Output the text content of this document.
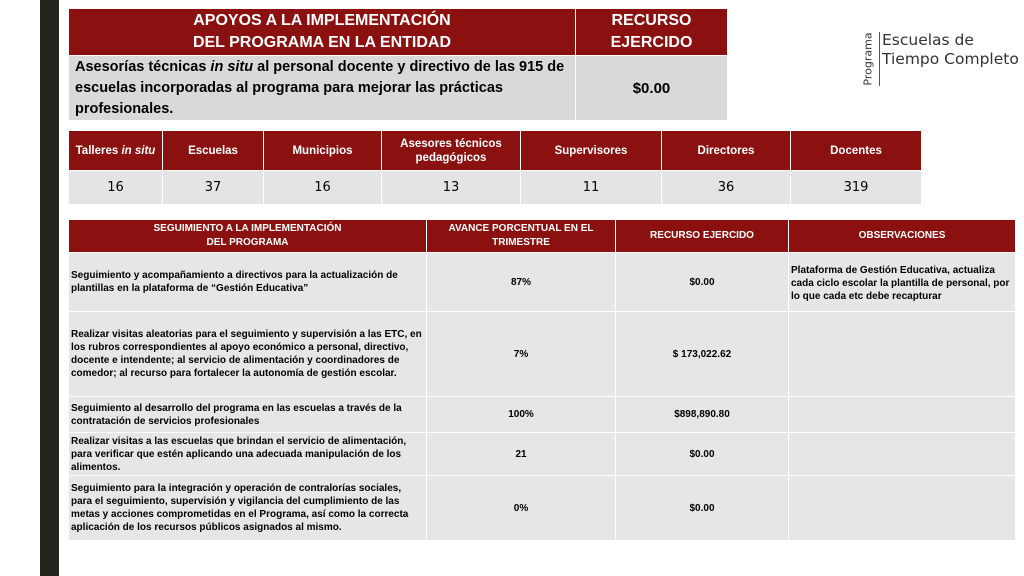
APOYOS A LA IMPLEMENTACIÓN
DEL PROGRAMA EN LA ENTIDAD	RECURSO
EJERCIDO
Asesorías técnicas in situ al personal docente y directivo de las 915 de escuelas incorporadas al programa para mejorar las prácticas profesionales.	$0.00
Talleres in situ	Escuelas	Municipios	Asesores técnicos pedagógicos	Supervisores	Directores	Docentes
16	37	16	13	11	36	319
SEGUIMIENTO A LA IMPLEMENTACIÓN
DEL PROGRAMA	AVANCE PORCENTUAL EN EL TRIMESTRE	RECURSO EJERCIDO	OBSERVACIONES
Seguimiento y acompañamiento a directivos para la actualización de plantillas en la plataforma de “Gestión Educativa”	87%	$0.00	Plataforma de Gestión Educativa, actualiza cada ciclo escolar la plantilla de personal, por lo que cada etc debe recapturar
Realizar visitas aleatorias para el seguimiento y supervisión a las ETC, en los rubros correspondientes al apoyo económico a personal, directivo, docente e intendente; al servicio de alimentación y coordinadores de comedor; al recurso para fortalecer la autonomía de gestión escolar.	7%	$ 173,022.62	
Seguimiento al desarrollo del programa en las escuelas a través de la contratación de servicios profesionales	100%	$898,890.80	
Realizar visitas a las escuelas que brindan el servicio de alimentación, para verificar que estén aplicando una adecuada manipulación de los alimentos.	21	$0.00	
Seguimiento para la integración y operación de contralorías sociales, para el seguimiento, supervisión y vigilancia del cumplimiento de las metas y acciones comprometidas en el Programa, así como la correcta aplicación de los recursos públicos asignados al mismo.	0%	$0.00	
Programa Escuelas de
Tiempo Completo
